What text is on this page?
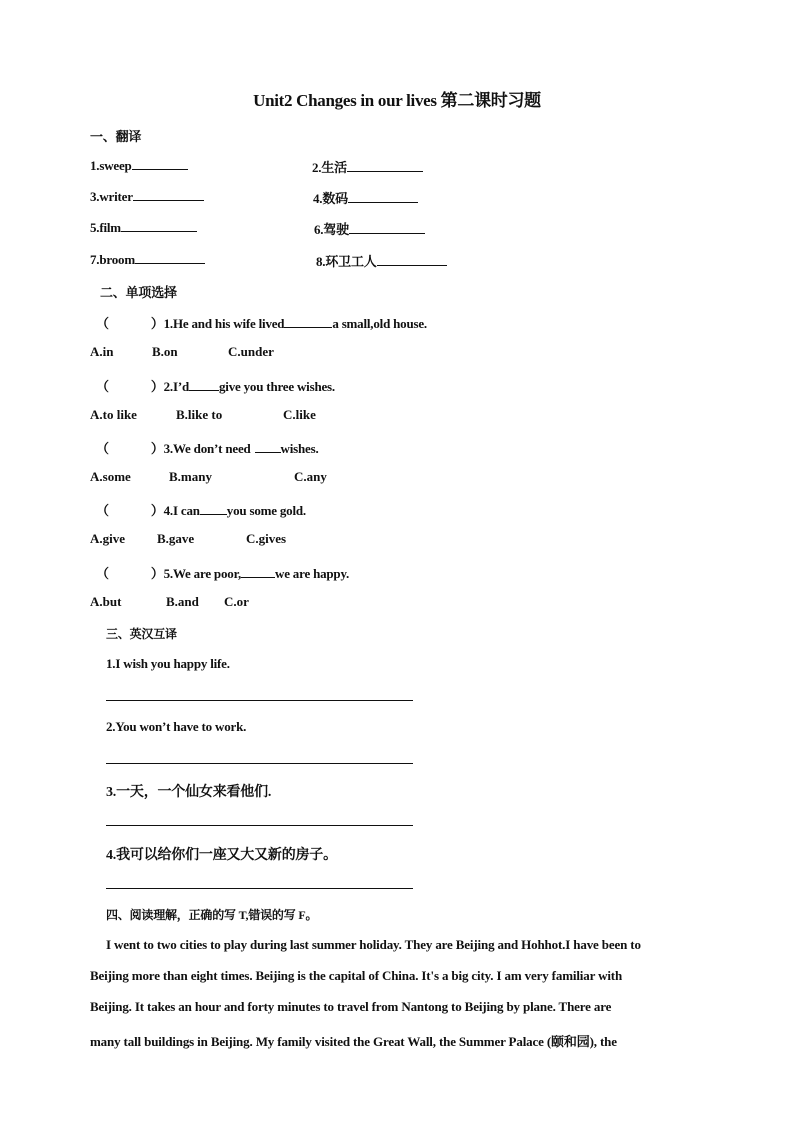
Unit2 Changes in our lives 第二课时习题
一、翻译
1.sweep	2.生活
3.writer	4.数码
5.film	6.驾驶
7.broom	8.环卫工人
二、单项选择
（	）1.He and his wife lived	a small,old house.
A.in	B.on	C.under
（	）2.I’d give you three wishes.
A.to like	B.like to	C.like
（	）3.We don’t need wishes.
A.some	B.many	C.any
（	）4.I can you some gold.
A.give B.gave	C.gives
（	）5.We are poor,	we are happy.
A.but	B.and C.or
三、英汉互译
1.I wish you happy life.
2.You won’t have to work.
3.一天，一个仙女来看他们.
4.我可以给你们一座又大又新的房子。
四、阅读理解，正确的写 T,错误的写 F。
I went to two cities to play during last summer holiday. They are Beijing and Hohhot.I have been to
Beijing more than eight times. Beijing is the capital of China. It's a big city. I am very familiar with
Beijing. It takes an hour and forty minutes to travel from Nantong to Beijing by plane. There are
many tall buildings in Beijing. My family visited the Great Wall, the Summer Palace (颐和园), the
